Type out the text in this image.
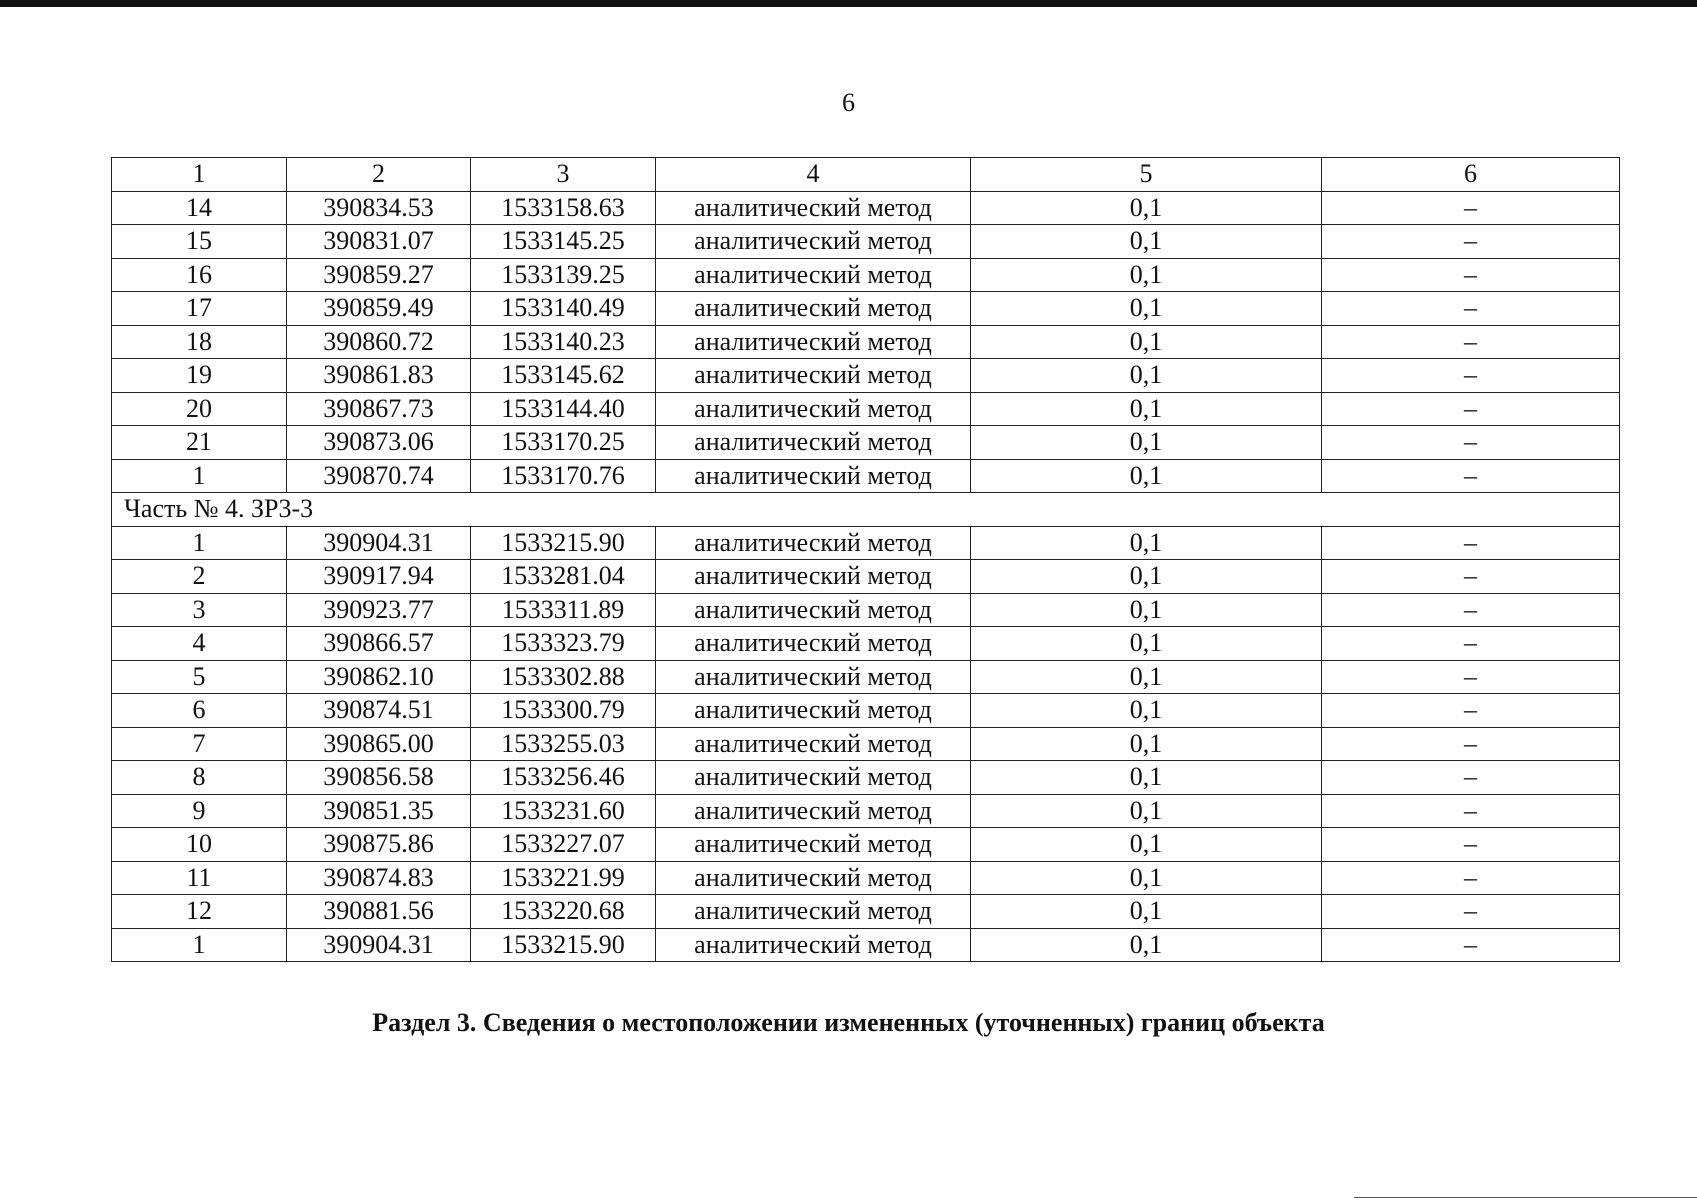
6
1	2	3	4	5	6
14	390834.53	1533158.63	аналитический метод	0,1	–
15	390831.07	1533145.25	аналитический метод	0,1	–
16	390859.27	1533139.25	аналитический метод	0,1	–
17	390859.49	1533140.49	аналитический метод	0,1	–
18	390860.72	1533140.23	аналитический метод	0,1	–
19	390861.83	1533145.62	аналитический метод	0,1	–
20	390867.73	1533144.40	аналитический метод	0,1	–
21	390873.06	1533170.25	аналитический метод	0,1	–
1	390870.74	1533170.76	аналитический метод	0,1	–
Часть № 4. ЗР3-3					
1	390904.31	1533215.90	аналитический метод	0,1	–
2	390917.94	1533281.04	аналитический метод	0,1	–
3	390923.77	1533311.89	аналитический метод	0,1	–
4	390866.57	1533323.79	аналитический метод	0,1	–
5	390862.10	1533302.88	аналитический метод	0,1	–
6	390874.51	1533300.79	аналитический метод	0,1	–
7	390865.00	1533255.03	аналитический метод	0,1	–
8	390856.58	1533256.46	аналитический метод	0,1	–
9	390851.35	1533231.60	аналитический метод	0,1	–
10	390875.86	1533227.07	аналитический метод	0,1	–
11	390874.83	1533221.99	аналитический метод	0,1	–
12	390881.56	1533220.68	аналитический метод	0,1	–
1	390904.31	1533215.90	аналитический метод	0,1	–
Раздел 3. Сведения о местоположении измененных (уточненных) границ объекта
